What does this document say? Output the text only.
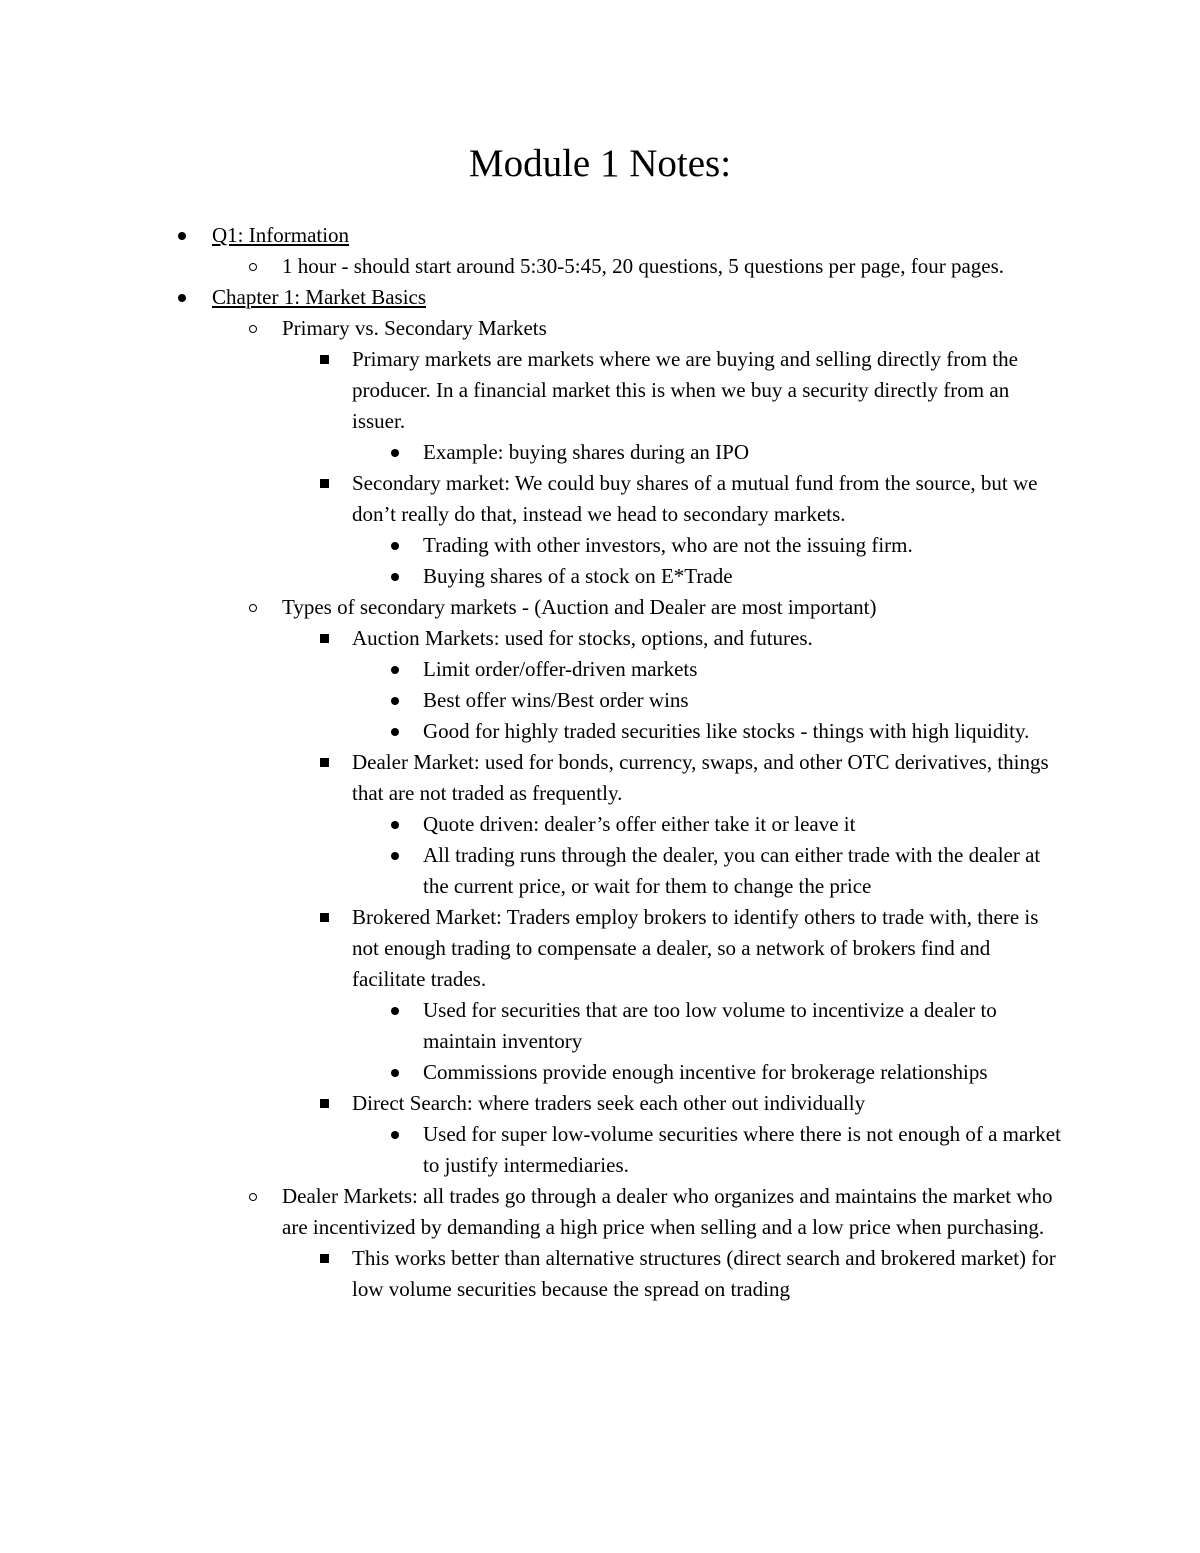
Module 1 Notes:
Q1: Information
1 hour - should start around 5:30-5:45, 20 questions, 5 questions per page, four pages.
Chapter 1: Market Basics
Primary vs. Secondary Markets
Primary markets are markets where we are buying and selling directly from the producer. In a financial market this is when we buy a security directly from an issuer.
Example: buying shares during an IPO
Secondary market: We could buy shares of a mutual fund from the source, but we don’t really do that, instead we head to secondary markets.
Trading with other investors, who are not the issuing firm.
Buying shares of a stock on E*Trade
Types of secondary markets - (Auction and Dealer are most important)
Auction Markets: used for stocks, options, and futures.
Limit order/offer-driven markets
Best offer wins/Best order wins
Good for highly traded securities like stocks - things with high liquidity.
Dealer Market: used for bonds, currency, swaps, and other OTC derivatives, things that are not traded as frequently.
Quote driven: dealer’s offer either take it or leave it
All trading runs through the dealer, you can either trade with the dealer at the current price, or wait for them to change the price
Brokered Market: Traders employ brokers to identify others to trade with, there is not enough trading to compensate a dealer, so a network of brokers find and facilitate trades.
Used for securities that are too low volume to incentivize a dealer to maintain inventory
Commissions provide enough incentive for brokerage relationships
Direct Search: where traders seek each other out individually
Used for super low-volume securities where there is not enough of a market to justify intermediaries.
Dealer Markets: all trades go through a dealer who organizes and maintains the market who are incentivized by demanding a high price when selling and a low price when purchasing.
This works better than alternative structures (direct search and brokered market) for low volume securities because the spread on trading
